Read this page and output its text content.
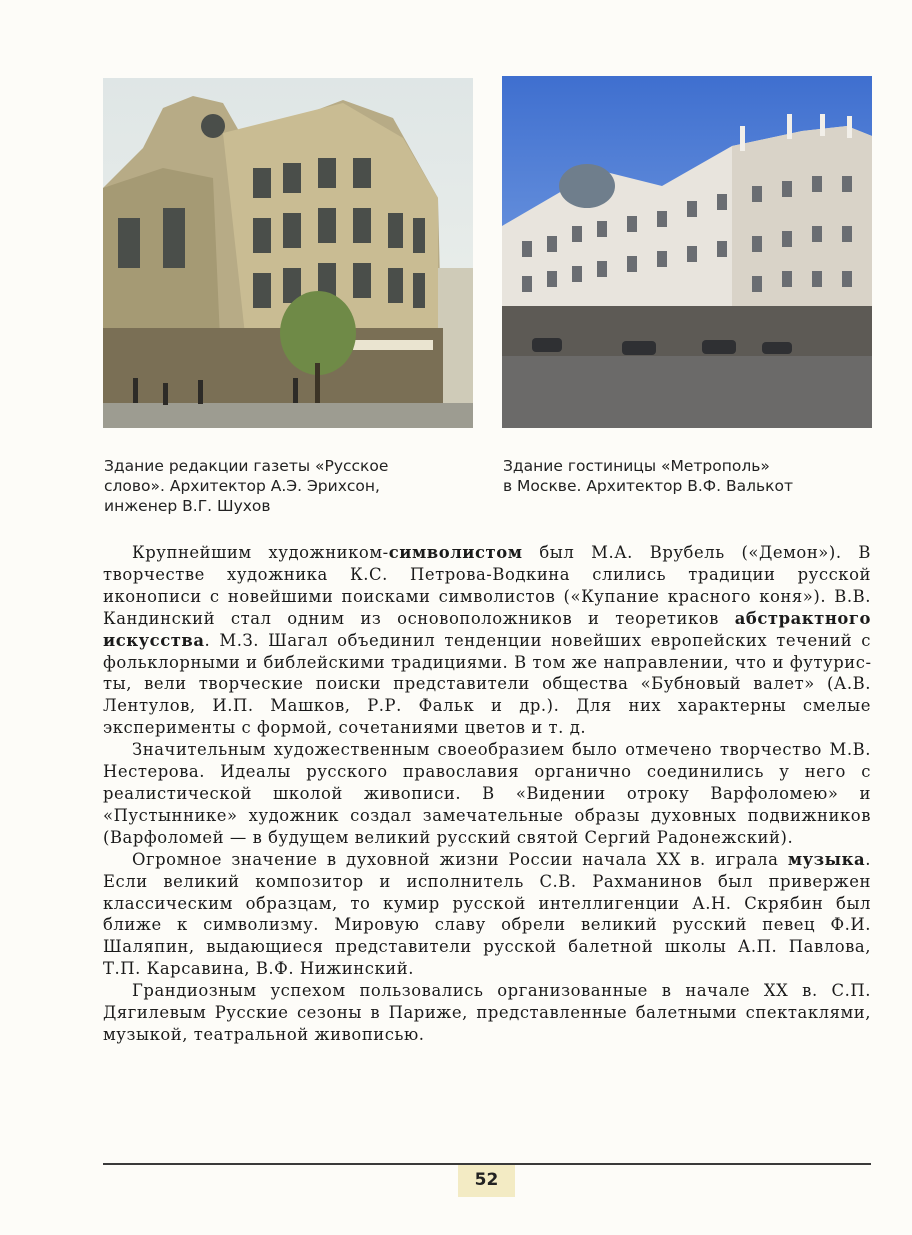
Здание редакции газеты «Русское
слово». Архитектор А.Э. Эрихсон,
инженер В.Г. Шухов
Здание гостиницы «Метрополь»
в Москве. Архитектор В.Ф. Валькот

Крупнейшим художником-символистом был М.А. Врубель («Демон»). В творчестве художника К.С. Петрова-Водкина слились традиции русской иконописи с новейшими поисками символистов («Купание красного коня»). В.В. Кандинский стал одним из основоположников и теоретиков абстрактного искусства. М.З. Шагал объединил тенденции новейших европейских течений с фольклорными и библейскими традициями. В том же направлении, что и футуристы, вели творческие поиски представители общества «Бубновый валет» (А.В. Лентулов, И.П. Машков, Р.Р. Фальк и др.). Для них характерны смелые эксперименты с формой, сочетаниями цветов и т. д.

Значительным художественным своеобразием было отмечено творчество М.В. Нестерова. Идеалы русского православия органично соединились у него с реалистической школой живописи. В «Видении отроку Варфоломею» и «Пустыннике» художник создал замечательные образы духовных подвижников (Варфоломей — в будущем великий русский святой Сергий Радонежский).

Огромное значение в духовной жизни России начала XX в. играла музыка. Если великий композитор и исполнитель С.В. Рахманинов был привержен классическим образцам, то кумир русской интеллигенции А.Н. Скрябин был ближе к символизму. Мировую славу обрели великий русский певец Ф.И. Шаляпин, выдающиеся представители русской балетной школы А.П. Павлова, Т.П. Карсавина, В.Ф. Нижинский.

Грандиозным успехом пользовались организованные в начале XX в. С.П. Дягилевым Русские сезоны в Париже, представленные балетными спектаклями, музыкой, театральной живописью.

52
